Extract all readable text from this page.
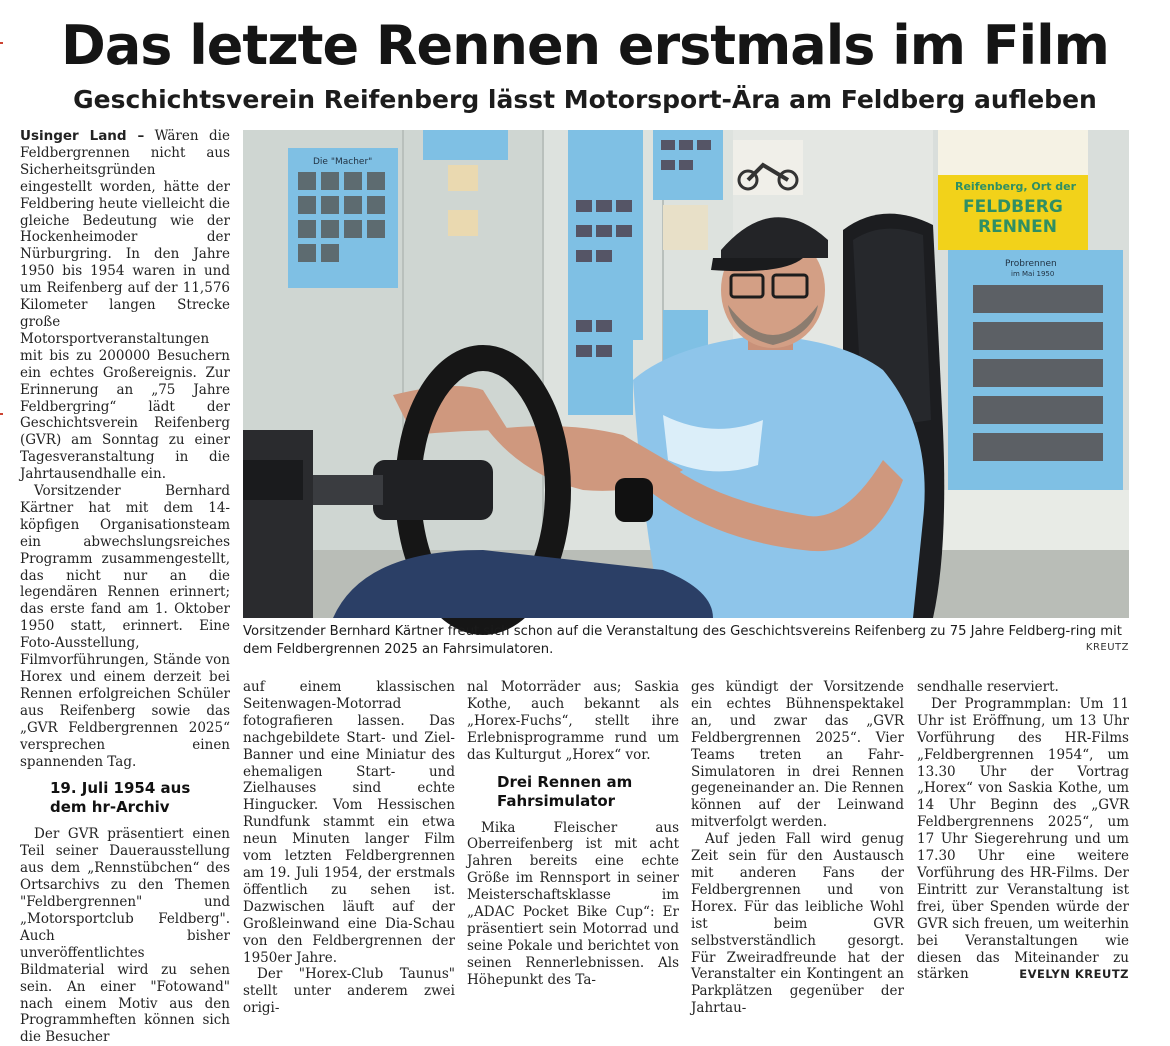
Das letzte Rennen erstmals im Film
Geschichtsverein Reifenberg lässt Motorsport-Ära am Feldberg aufleben

Usinger Land – Wären die Feldbergrennen nicht aus Sicherheitsgründen eingestellt worden, hätte der Feldbering heute vielleicht die gleiche Bedeutung wie der Hockenheimoder der Nürburgring. In den Jahre 1950 bis 1954 waren in und um Reifenberg auf der 11,576 Kilometer langen Strecke große Motorsportveranstaltungen mit bis zu 200000 Besuchern ein echtes Großereignis. Zur Erinnerung an „75 Jahre Feldbergring“ lädt der Geschichtsverein Reifenberg (GVR) am Sonntag zu einer Tagesveranstaltung in die Jahrtausendhalle ein.

Vorsitzender Bernhard Kärtner hat mit dem 14-köpfigen Organisationsteam ein abwechslungsreiches Programm zusammengestellt, das nicht nur an die legendären Rennen erinnert; das erste fand am 1. Oktober 1950 statt, erinnert. Eine Foto-Ausstellung, Filmvorführungen, Stände von Horex und einem derzeit bei Rennen erfolgreichen Schüler aus Reifenberg sowie das „GVR Feldbergrennen 2025“ versprechen einen spannenden Tag.

19. Juli 1954 aus dem hr-Archiv

Der GVR präsentiert einen Teil seiner Dauerausstellung aus dem „Rennstübchen“ des Ortsarchivs zu den Themen "Feldbergrennen" und „Motorsportclub Feldberg". Auch bisher unveröffentlichtes Bildmaterial wird zu sehen sein. An einer "Fotowand" nach einem Motiv aus den Programmheften können sich die Besucher

Die "Macher"
Reifenberg, Ort der
FELDBERG
RENNEN
Probrennen
im Mai 1950
Vorsitzender Bernhard Kärtner freut sich schon auf die Veranstaltung des Geschichtsvereins Reifenberg zu 75 Jahre Feldberg-ring mit dem Feldbergrennen 2025 an Fahrsimulatoren.	KREUTZ

auf einem klassischen Seitenwagen-Motorrad fotografieren lassen. Das nachgebildete Start- und Ziel-Banner und eine Miniatur des ehemaligen Start- und Zielhauses sind echte Hingucker. Vom Hessischen Rundfunk stammt ein etwa neun Minuten langer Film vom letzten Feldbergrennen am 19. Juli 1954, der erstmals öffentlich zu sehen ist. Dazwischen läuft auf der Großleinwand eine Dia-Schau von den Feldbergrennen der 1950er Jahre.

Der "Horex-Club Taunus" stellt unter anderem zwei origi-

nal Motorräder aus; Saskia Kothe, auch bekannt als „Horex-Fuchs“, stellt ihre Erlebnisprogramme rund um das Kulturgut „Horex“ vor.

Drei Rennen am Fahrsimulator

Mika Fleischer aus Oberreifenberg ist mit acht Jahren bereits eine echte Größe im Rennsport in seiner Meisterschaftsklasse im „ADAC Pocket Bike Cup“: Er präsentiert sein Motorrad und seine Pokale und berichtet von seinen Rennerlebnissen. Als Höhepunkt des Ta-

ges kündigt der Vorsitzende ein echtes Bühnenspektakel an, und zwar das „GVR Feldbergrennen 2025“. Vier Teams treten an Fahr-Simulatoren in drei Rennen gegeneinander an. Die Rennen können auf der Leinwand mitverfolgt werden.

Auf jeden Fall wird genug Zeit sein für den Austausch mit anderen Fans der Feldbergrennen und von Horex. Für das leibliche Wohl ist beim GVR selbstverständlich gesorgt. Für Zweiradfreunde hat der Veranstalter ein Kontingent an Parkplätzen gegenüber der Jahrtau-

sendhalle reserviert.

Der Programmplan: Um 11 Uhr ist Eröffnung, um 13 Uhr Vorführung des HR-Films „Feldbergrennen 1954“, um 13.30 Uhr der Vortrag „Horex“ von Saskia Kothe, um 14 Uhr Beginn des „GVR Feldbergrennens 2025“, um 17 Uhr Siegerehrung und um 17.30 Uhr eine weitere Vorführung des HR-Films. Der Eintritt zur Veranstaltung ist frei, über Spenden würde der GVR sich freuen, um weiterhin bei Veranstaltungen wie diesen das Miteinander zu stärken	EVELYN KREUTZ
